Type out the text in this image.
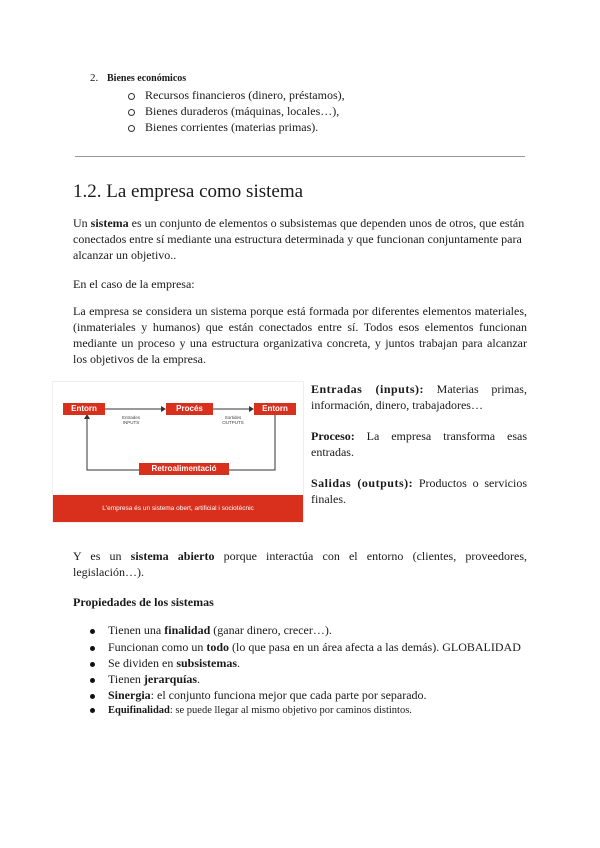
2. Bienes económicos
Recursos financieros (dinero, préstamos),
Bienes duraderos (máquinas, locales…),
Bienes corrientes (materias primas).
1.2. La empresa como sistema
Un sistema es un conjunto de elementos o subsistemas que dependen unos de otros, que están conectados entre sí mediante una estructura determinada y que funcionan conjuntamente para alcanzar un objetivo..
En el caso de la empresa:
La empresa se considera un sistema porque está formada por diferentes elementos materiales, (inmateriales y humanos) que están conectados entre sí. Todos esos elementos funcionan mediante un proceso y una estructura organizativa concreta, y juntos trabajan para alcanzar los objetivos de la empresa.
Entorn	Procés	Entorn
Entrades
INPUTS
Sortides
OUTPUTS
Retroalimentació
L'empresa és un sistema obert, artificial i sociotècnic
Entradas (inputs): Materias primas, información, dinero, trabajadores…
Proceso: La empresa transforma esas entradas.
Salidas (outputs): Productos o servicios finales.
Y es un sistema abierto porque interactúa con el entorno (clientes, proveedores, legislación…).
Propiedades de los sistemas
Tienen una finalidad (ganar dinero, crecer…).
Funcionan como un todo (lo que pasa en un área afecta a las demás). GLOBALIDAD
Se dividen en subsistemas.
Tienen jerarquías.
Sinergia: el conjunto funciona mejor que cada parte por separado.
Equifinalidad: se puede llegar al mismo objetivo por caminos distintos.
